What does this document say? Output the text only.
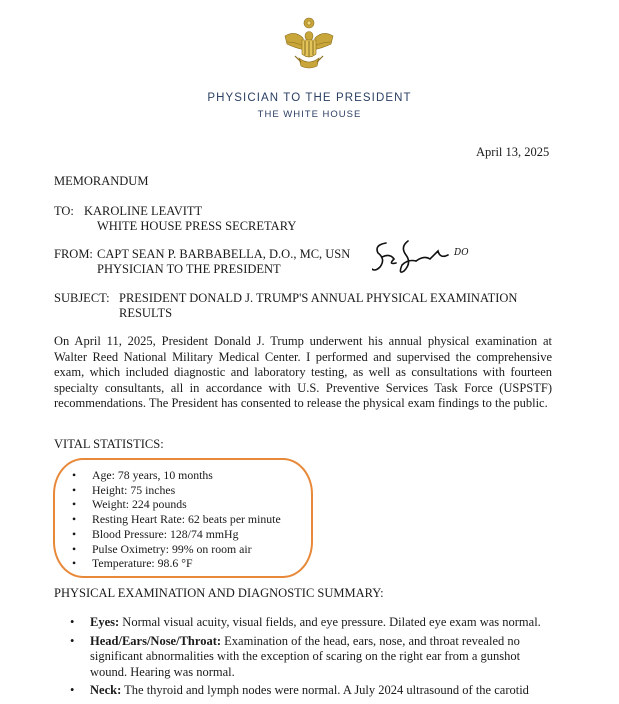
PHYSICIAN TO THE PRESIDENT
THE WHITE HOUSE
April 13, 2025
MEMORANDUM
TO: KAROLINE LEAVITT
WHITE HOUSE PRESS SECRETARY
FROM: CAPT SEAN P. BARBABELLA, D.O., MC, USN
PHYSICIAN TO THE PRESIDENT
DO
SUBJECT: PRESIDENT DONALD J. TRUMP'S ANNUAL PHYSICAL EXAMINATION
RESULTS
On April 11, 2025, President Donald J. Trump underwent his annual physical examination at Walter Reed National Military Medical Center. I performed and supervised the comprehensive exam, which included diagnostic and laboratory testing, as well as consultations with fourteen specialty consultants, all in accordance with U.S. Preventive Services Task Force (USPSTF) recommendations. The President has consented to release the physical exam findings to the public.
VITAL STATISTICS:
• Age: 78 years, 10 months
• Height: 75 inches
• Weight: 224 pounds
• Resting Heart Rate: 62 beats per minute
• Blood Pressure: 128/74 mmHg
• Pulse Oximetry: 99% on room air
• Temperature: 98.6 °F
PHYSICAL EXAMINATION AND DIAGNOSTIC SUMMARY:
• Eyes: Normal visual acuity, visual fields, and eye pressure. Dilated eye exam was normal.
• Head/Ears/Nose/Throat: Examination of the head, ears, nose, and throat revealed no significant abnormalities with the exception of scaring on the right ear from a gunshot wound. Hearing was normal.
• Neck: The thyroid and lymph nodes were normal. A July 2024 ultrasound of the carotid
